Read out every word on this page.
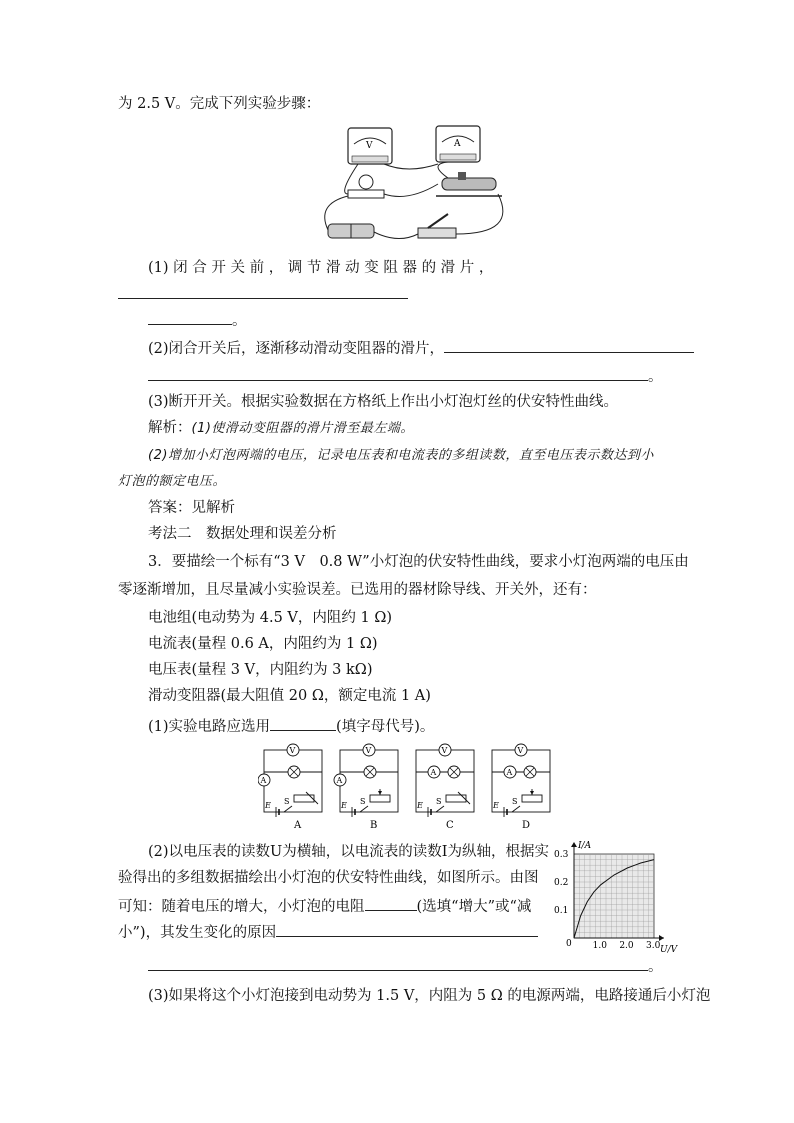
为 2.5 V。完成下列实验步骤：
V	A
(1) 闭 合 开 关 前 ， 调 节 滑 动 变 阻 器 的 滑 片 ，
。
(2)闭合开关后，逐渐移动滑动变阻器的滑片，
。
(3)断开开关。根据实验数据在方格纸上作出小灯泡灯丝的伏安特性曲线。
解析：(1)使滑动变阻器的滑片滑至最左端。
(2)增加小灯泡两端的电压，记录电压表和电流表的多组读数，直至电压表示数达到小
灯泡的额定电压。
答案：见解析
考法二　数据处理和误差分析
3．要描绘一个标有“3 V　0.8 W”小灯泡的伏安特性曲线，要求小灯泡两端的电压由
零逐渐增加，且尽量减小实验误差。已选用的器材除导线、开关外，还有：
电池组(电动势为 4.5 V，内阻约 1 Ω)
电流表(量程 0.6 A，内阻约为 1 Ω)
电压表(量程 3 V，内阻约为 3 kΩ)
滑动变阻器(最大阻值 20 Ω，额定电流 1 A)
(1)实验电路应选用	(填字母代号)。
V
A
S
E
V
A
S
E
V
A
S
E
V
A
S
E
A	B	C	D
(2)以电压表的读数U为横轴，以电流表的读数I为纵轴，根据实
验得出的多组数据描绘出小灯泡的伏安特性曲线，如图所示。由图
可知：随着电压的增大，小灯泡的电阻	(选填“增大”或“减
小”)，其发生变化的原因
。
(3)如果将这个小灯泡接到电动势为 1.5 V，内阻为 5 Ω 的电源两端，电路接通后小灯泡
I/A
U/V
0 1.0 2.0 3.0
0.1
0.2
0.3
